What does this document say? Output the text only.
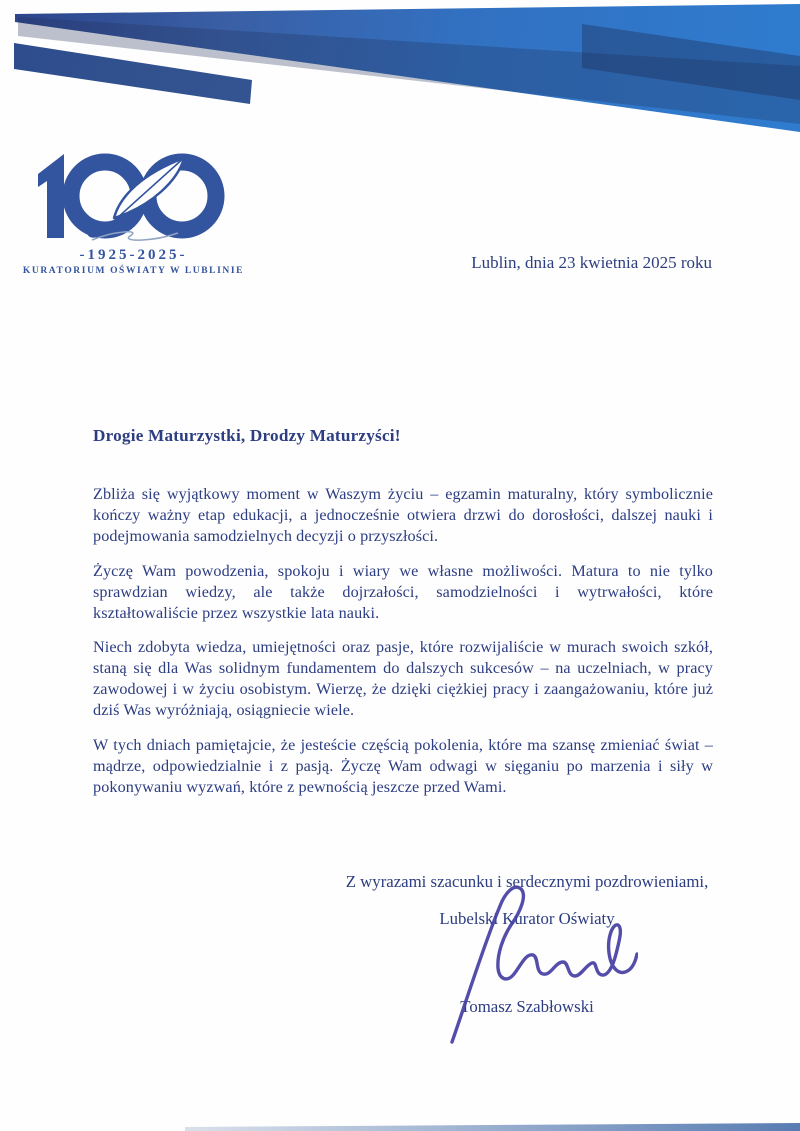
-1925-2025-
KURATORIUM OŚWIATY W LUBLINIE	Lublin, dnia 23 kwietnia 2025 roku
Drogie Maturzystki, Drodzy Maturzyści!

Zbliża się wyjątkowy moment w Waszym życiu – egzamin maturalny, który symbolicznie kończy ważny etap edukacji, a jednocześnie otwiera drzwi do dorosłości, dalszej nauki i podejmowania samodzielnych decyzji o przyszłości.

Życzę Wam powodzenia, spokoju i wiary we własne możliwości. Matura to nie tylko sprawdzian wiedzy, ale także dojrzałości, samodzielności i wytrwałości, które kształtowaliście przez wszystkie lata nauki.

Niech zdobyta wiedza, umiejętności oraz pasje, które rozwijaliście w murach swoich szkół, staną się dla Was solidnym fundamentem do dalszych sukcesów – na uczelniach, w pracy zawodowej i w życiu osobistym. Wierzę, że dzięki ciężkiej pracy i zaangażowaniu, które już dziś Was wyróżniają, osiągniecie wiele.

W tych dniach pamiętajcie, że jesteście częścią pokolenia, które ma szansę zmieniać świat – mądrze, odpowiedzialnie i z pasją. Życzę Wam odwagi w sięganiu po marzenia i siły w pokonywaniu wyzwań, które z pewnością jeszcze przed Wami.

Z wyrazami szacunku i serdecznymi pozdrowieniami,
Lubelski Kurator Oświaty
Tomasz Szabłowski
